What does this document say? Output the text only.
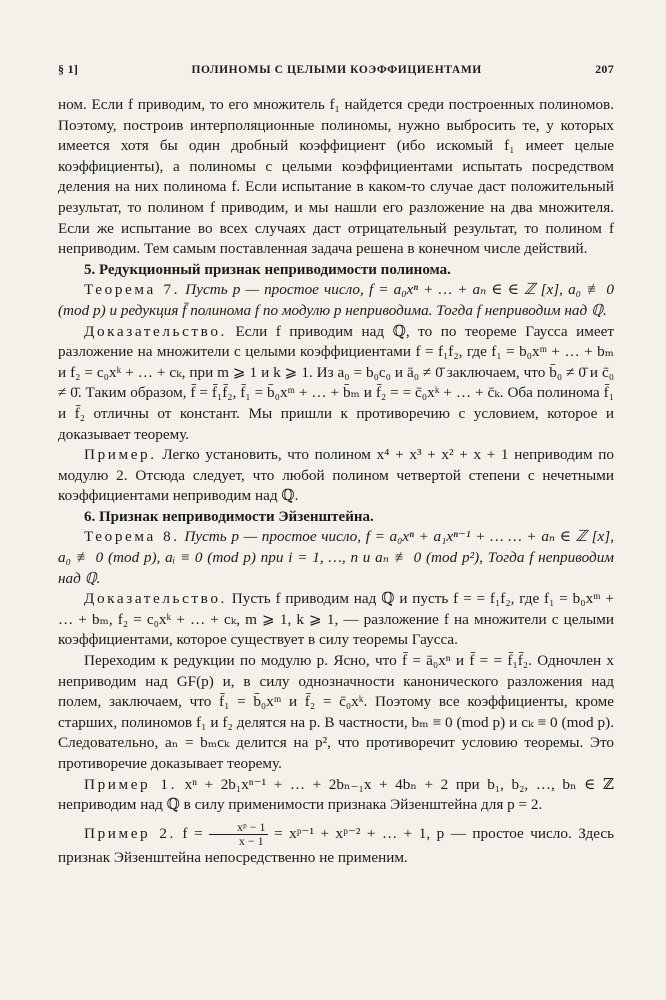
§ 1]	ПОЛИНОМЫ С ЦЕЛЫМИ КОЭФФИЦИЕНТАМИ	207

ном. Если f приводим, то его множитель f₁ найдется среди построенных полиномов. Поэтому, построив интерполяционные полиномы, нужно выбросить те, у которых имеется хотя бы один дробный коэффициент (ибо искомый f₁ имеет целые коэффициенты), а полиномы с целыми коэффициентами испытать посредством деления на них полинома f. Если испытание в каком-то случае даст положительный результат, то полином f приводим, и мы нашли его разложение на два множителя. Если же испытание во всех случаях даст отрицательный результат, то полином f неприводим. Тем самым поставленная задача решена в конечном числе действий.

5. Редукционный признак неприводимости полинома.

Теорема 7. Пусть p — простое число, f = a₀xⁿ + … + aₙ ∈ ∈ ℤ [x], a₀ ≢ 0 (mod p) и редукция f̄ полинома f по модулю p неприводима. Тогда f неприводим над ℚ.

Доказательство. Если f приводим над ℚ, то по теореме Гаусса имеет разложение на множители с целыми коэффициентами f = f₁f₂, где f₁ = b₀xᵐ + … + bₘ и f₂ = c₀xᵏ + … + cₖ, при m ⩾ 1 и k ⩾ 1. Из a₀ = b₀c₀ и ā₀ ≠ 0̄ заключаем, что b̄₀ ≠ 0̄ и c̄₀ ≠ 0̄. Таким образом, f̄ = f̄₁f̄₂, f̄₁ = b̄₀xᵐ + … + b̄ₘ и f̄₂ = = c̄₀xᵏ + … + c̄ₖ. Оба полинома f̄₁ и f̄₂ отличны от констант. Мы пришли к противоречию с условием, которое и доказывает теорему.

Пример. Легко установить, что полином x⁴ + x³ + x² + x + 1 неприводим по модулю 2. Отсюда следует, что любой полином четвертой степени с нечетными коэффициентами неприводим над ℚ.

6. Признак неприводимости Эйзенштейна.

Теорема 8. Пусть p — простое число, f = a₀xⁿ + a₁xⁿ⁻¹ + … … + aₙ ∈ ℤ [x], a₀ ≢ 0 (mod p), aᵢ ≡ 0 (mod p) при i = 1, …, n и aₙ ≢ 0 (mod p²), Тогда f неприводим над ℚ.

Доказательство. Пусть f приводим над ℚ и пусть f = = f₁f₂, где f₁ = b₀xᵐ + … + bₘ, f₂ = c₀xᵏ + … + cₖ, m ⩾ 1, k ⩾ 1, — разложение f на множители с целыми коэффициентами, которое существует в силу теоремы Гаусса.

Переходим к редукции по модулю p. Ясно, что f̄ = ā₀xⁿ и f̄ = = f̄₁f̄₂. Одночлен x неприводим над GF(p) и, в силу однозначности канонического разложения над полем, заключаем, что f̄₁ = b̄₀xᵐ и f̄₂ = c̄₀xᵏ. Поэтому все коэффициенты, кроме старших, полиномов f₁ и f₂ делятся на p. В частности, bₘ ≡ 0 (mod p) и cₖ ≡ 0 (mod p). Следовательно, aₙ = bₘcₖ делится на p², что противоречит условию теоремы. Это противоречие доказывает теорему.

Пример 1. xⁿ + 2b₁xⁿ⁻¹ + … + 2bₙ₋₁x + 4bₙ + 2 при b₁, b₂, …, bₙ ∈ ℤ неприводим над ℚ в силу применимости признака Эйзенштейна для p = 2.

Пример 2. $f = \frac{\text{xᵖ − 1}}{x - 1}$ = xᵖ⁻¹ + xᵖ⁻² + … + 1, p — простое число. Здесь признак Эйзенштейна непосредственно не применим.
